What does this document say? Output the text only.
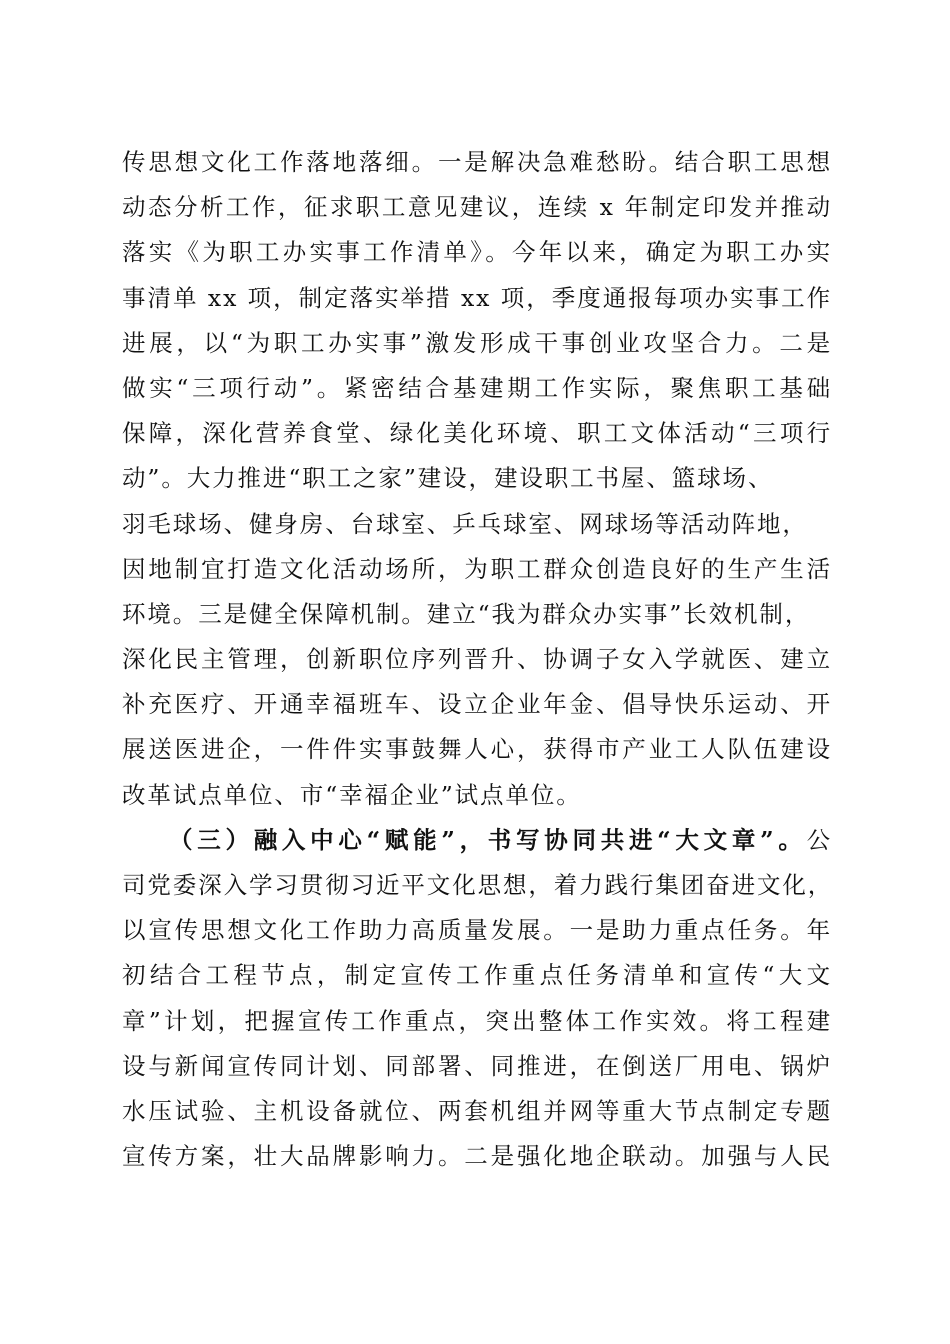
传思想文化工作落地落细。一是解决急难愁盼。结合职工思想
动态分析工作，征求职工意见建议，连续 x 年制定印发并推动
落实《为职工办实事工作清单》。今年以来，确定为职工办实
事清单 xx 项，制定落实举措 xx 项，季度通报每项办实事工作
进展，以“为职工办实事”激发形成干事创业攻坚合力。二是
做实“三项行动”。紧密结合基建期工作实际，聚焦职工基础
保障，深化营养食堂、绿化美化环境、职工文体活动“三项行
动”。大力推进“职工之家”建设，建设职工书屋、篮球场、
羽毛球场、健身房、台球室、乒乓球室、网球场等活动阵地，
因地制宜打造文化活动场所，为职工群众创造良好的生产生活
环境。三是健全保障机制。建立“我为群众办实事”长效机制，
深化民主管理，创新职位序列晋升、协调子女入学就医、建立
补充医疗、开通幸福班车、设立企业年金、倡导快乐运动、开
展送医进企，一件件实事鼓舞人心，获得市产业工人队伍建设
改革试点单位、市“幸福企业”试点单位。
（三）融入中心“赋能”，书写协同共进“大文章”。公
司党委深入学习贯彻习近平文化思想，着力践行集团奋进文化，
以宣传思想文化工作助力高质量发展。一是助力重点任务。年
初结合工程节点，制定宣传工作重点任务清单和宣传“大文
章”计划，把握宣传工作重点，突出整体工作实效。将工程建
设与新闻宣传同计划、同部署、同推进，在倒送厂用电、锅炉
水压试验、主机设备就位、两套机组并网等重大节点制定专题
宣传方案，壮大品牌影响力。二是强化地企联动。加强与人民
